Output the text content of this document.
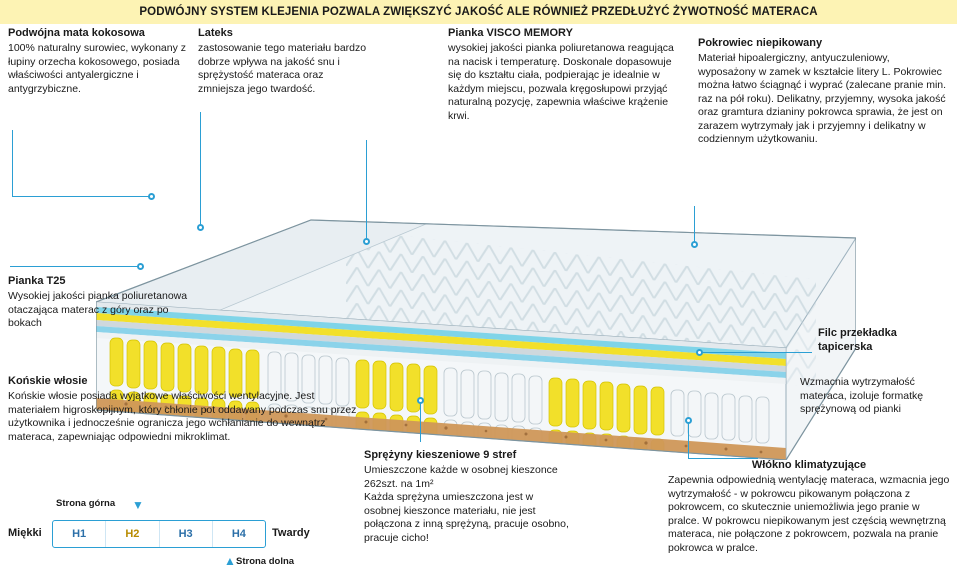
PODWÓJNY SYSTEM KLEJENIA POZWALA ZWIĘKSZYĆ JAKOŚĆ ALE RÓWNIEŻ PRZEDŁUŻYĆ ŻYWOTNOŚĆ MATERACA

Podwójna mata kokosowa

100% naturalny surowiec, wykonany z łupiny orzecha kokosowego, posiada właściwości antyalergiczne i antygrzybiczne.

Lateks

zastosowanie tego materiału bardzo dobrze wpływa na jakość snu i sprężystość materaca oraz zmniejsza jego twardość.

Pianka VISCO MEMORY

wysokiej jakości pianka poliuretanowa reagująca na nacisk i temperaturę. Doskonale dopasowuje się do kształtu ciała, podpierając je idealnie w każdym miejscu, pozwala kręgosłupowi przyjąć naturalną pozycję, zapewnia właściwe krążenie krwi.

Pokrowiec niepikowany

Materiał hipoalergiczny, antyuczuleniowy, wyposażony w zamek w kształcie litery L. Pokrowiec można łatwo ściągnąć i wyprać (zalecane pranie min. raz na pół roku). Delikatny, przyjemny, wysoka jakość oraz gramtura dzianiny pokrowca sprawia, że jest on zarazem wytrzymały jak i przyjemny i delikatny w codziennym użytkowaniu.

Pianka T25

Wysokiej jakości pianka poliuretanowa otaczająca materac z góry oraz po bokach

Końskie włosie

Końskie włosie posiada wyjątkowe właściwości wentylacyjne. Jest materiałem higroskopijnym, który chłonie pot oddawany podczas snu przez użytkownika i jednocześnie ogranicza jego wchłanianie do wewnątrz materaca, zapewniając odpowiedni mikroklimat.

Filc przekładka tapicerska

Wzmacnia wytrzymałość materaca, izoluje formatkę sprężynową od pianki

Sprężyny kieszeniowe 9 stref

Umieszczone każde w osobnej kieszonce 262szt. na 1m²
Każda sprężyna umieszczona jest w osobnej kieszonce materiału, nie jest połączona z inną sprężyną, pracuje osobno, pracuje cicho!

Włókno klimatyzujące

Zapewnia odpowiednią wentylację materaca, wzmacnia jego wytrzymałość - w pokrowcu pikowanym połączona z pokrowcem, co skutecznie uniemożliwia jego pranie w pralce. W pokrowcu niepikowanym jest częścią wewnętrzną materaca, nie połączone z pokrowcem, pozwala na pranie pokrowca w pralce.

Strona górna ▼
Miękki	Twardy
H1	H2	H3	H4
▲ Strona dolna
